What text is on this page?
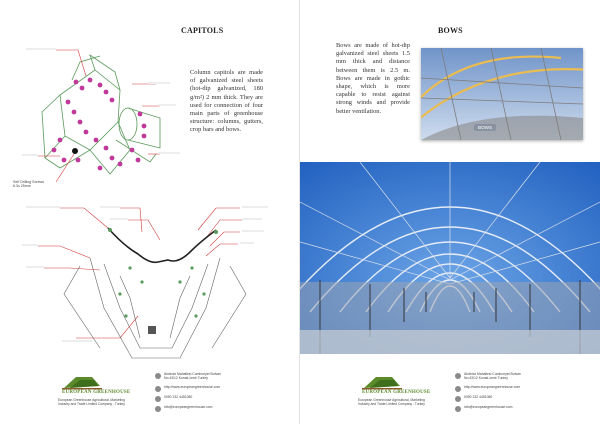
CAPITOLS
Self Drilling Screws
6.3x 25mm
Column capitols are made of galvanized steel sheets (hot-dip galvanized, 180 g/m²) 2 mm thick. They are used for connection of four main parts of greenhouse structure: columns, gutters, crop bars and bows.
EUROPEAN GREENHOUSE
European Greenhouse Agricultural, Marketing
Industry and Trade Limited Company - Turkey
Akdeniz Mahallesi Cumhuriyet Bulvarı
No:43/12 Konak-İzmir Turkey
http://www.europeangreenhouse.com
0090 232 4451080
info@europeangreenhouse.com
BOWS
Bows are made of hot-dip galvanized steel sheets 1.5 mm thick and distance between them is 2.5 m. Bows are made in gothic shape, which is more capable to resist against strong winds and provide better ventilation.
EUROPEAN GREENHOUSE
European Greenhouse Agricultural, Marketing
Industry and Trade Limited Company - Turkey
Akdeniz Mahallesi Cumhuriyet Bulvarı
No:43/12 Konak-İzmir Turkey
http://www.europeangreenhouse.com
0090 232 4451080
info@europeangreenhouse.com
BOWS
